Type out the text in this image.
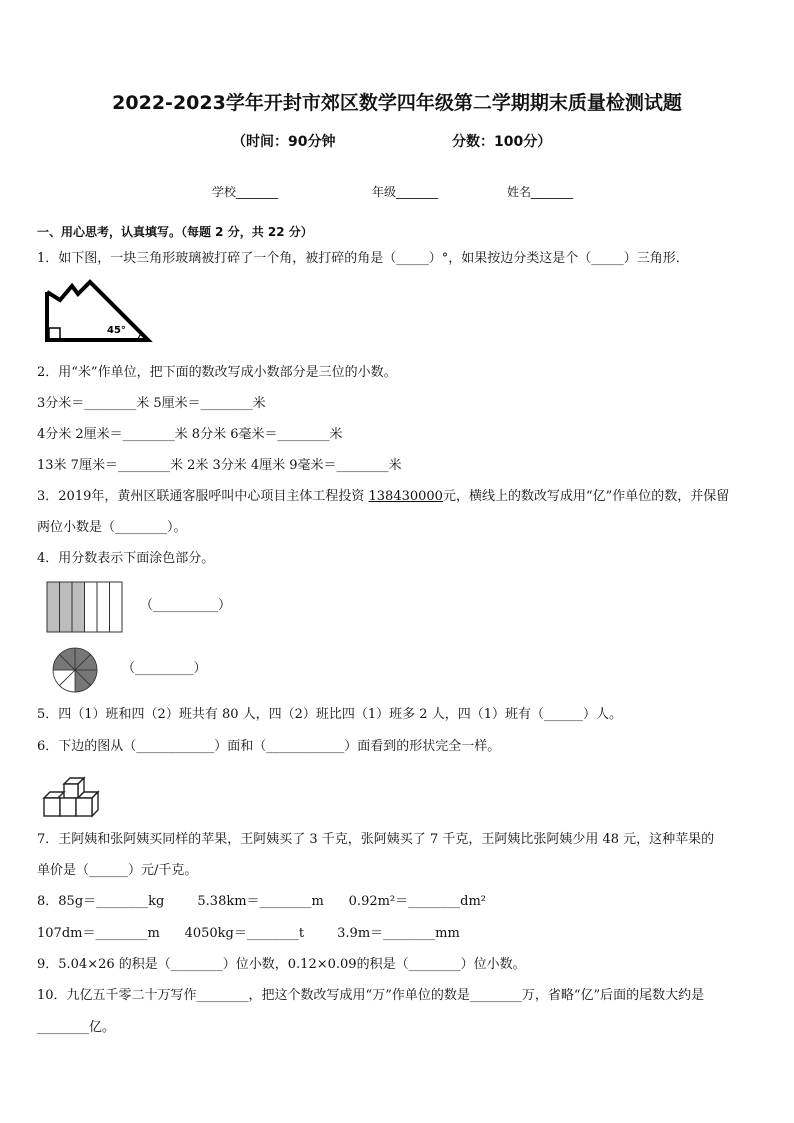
2022-2023学年开封市郊区数学四年级第二学期期末质量检测试题
（时间：90分钟	分数：100分）
学校_______	年级_______	姓名_______
一、用心思考，认真填写。（每题 2 分，共 22 分）
1．如下图，一块三角形玻璃被打碎了一个角，被打碎的角是（_____）°，如果按边分类这是个（_____）三角形．
45°
2．用“米”作单位，把下面的数改写成小数部分是三位的小数。
3分米＝________米 5厘米＝________米
4分米 2厘米＝________米 8分米 6毫米＝________米
13米 7厘米＝________米 2米 3分米 4厘米 9毫米＝________米
3．2019年，黄州区联通客服呼叫中心项目主体工程投资 138430000元，横线上的数改写成用“亿”作单位的数，并保留
两位小数是（________）。
4．用分数表示下面涂色部分。
（__________）
（_________）
5．四（1）班和四（2）班共有 80 人，四（2）班比四（1）班多 2 人，四（1）班有（______）人。
6．下边的图从（____________）面和（____________）面看到的形状完全一样。
7．王阿姨和张阿姨买同样的苹果，王阿姨买了 3 千克，张阿姨买了 7 千克，王阿姨比张阿姨少用 48 元，这种苹果的
单价是（______）元/千克。
8．85g＝________kg        5.38km＝________m      0.92m²＝________dm²
107dm＝________m      4050kg＝________t        3.9m＝________mm
9．5.04×26 的积是（________）位小数，0.12×0.09的积是（________）位小数。
10．九亿五千零二十万写作________，把这个数改写成用“万”作单位的数是________万，省略“亿”后面的尾数大约是
________亿。
